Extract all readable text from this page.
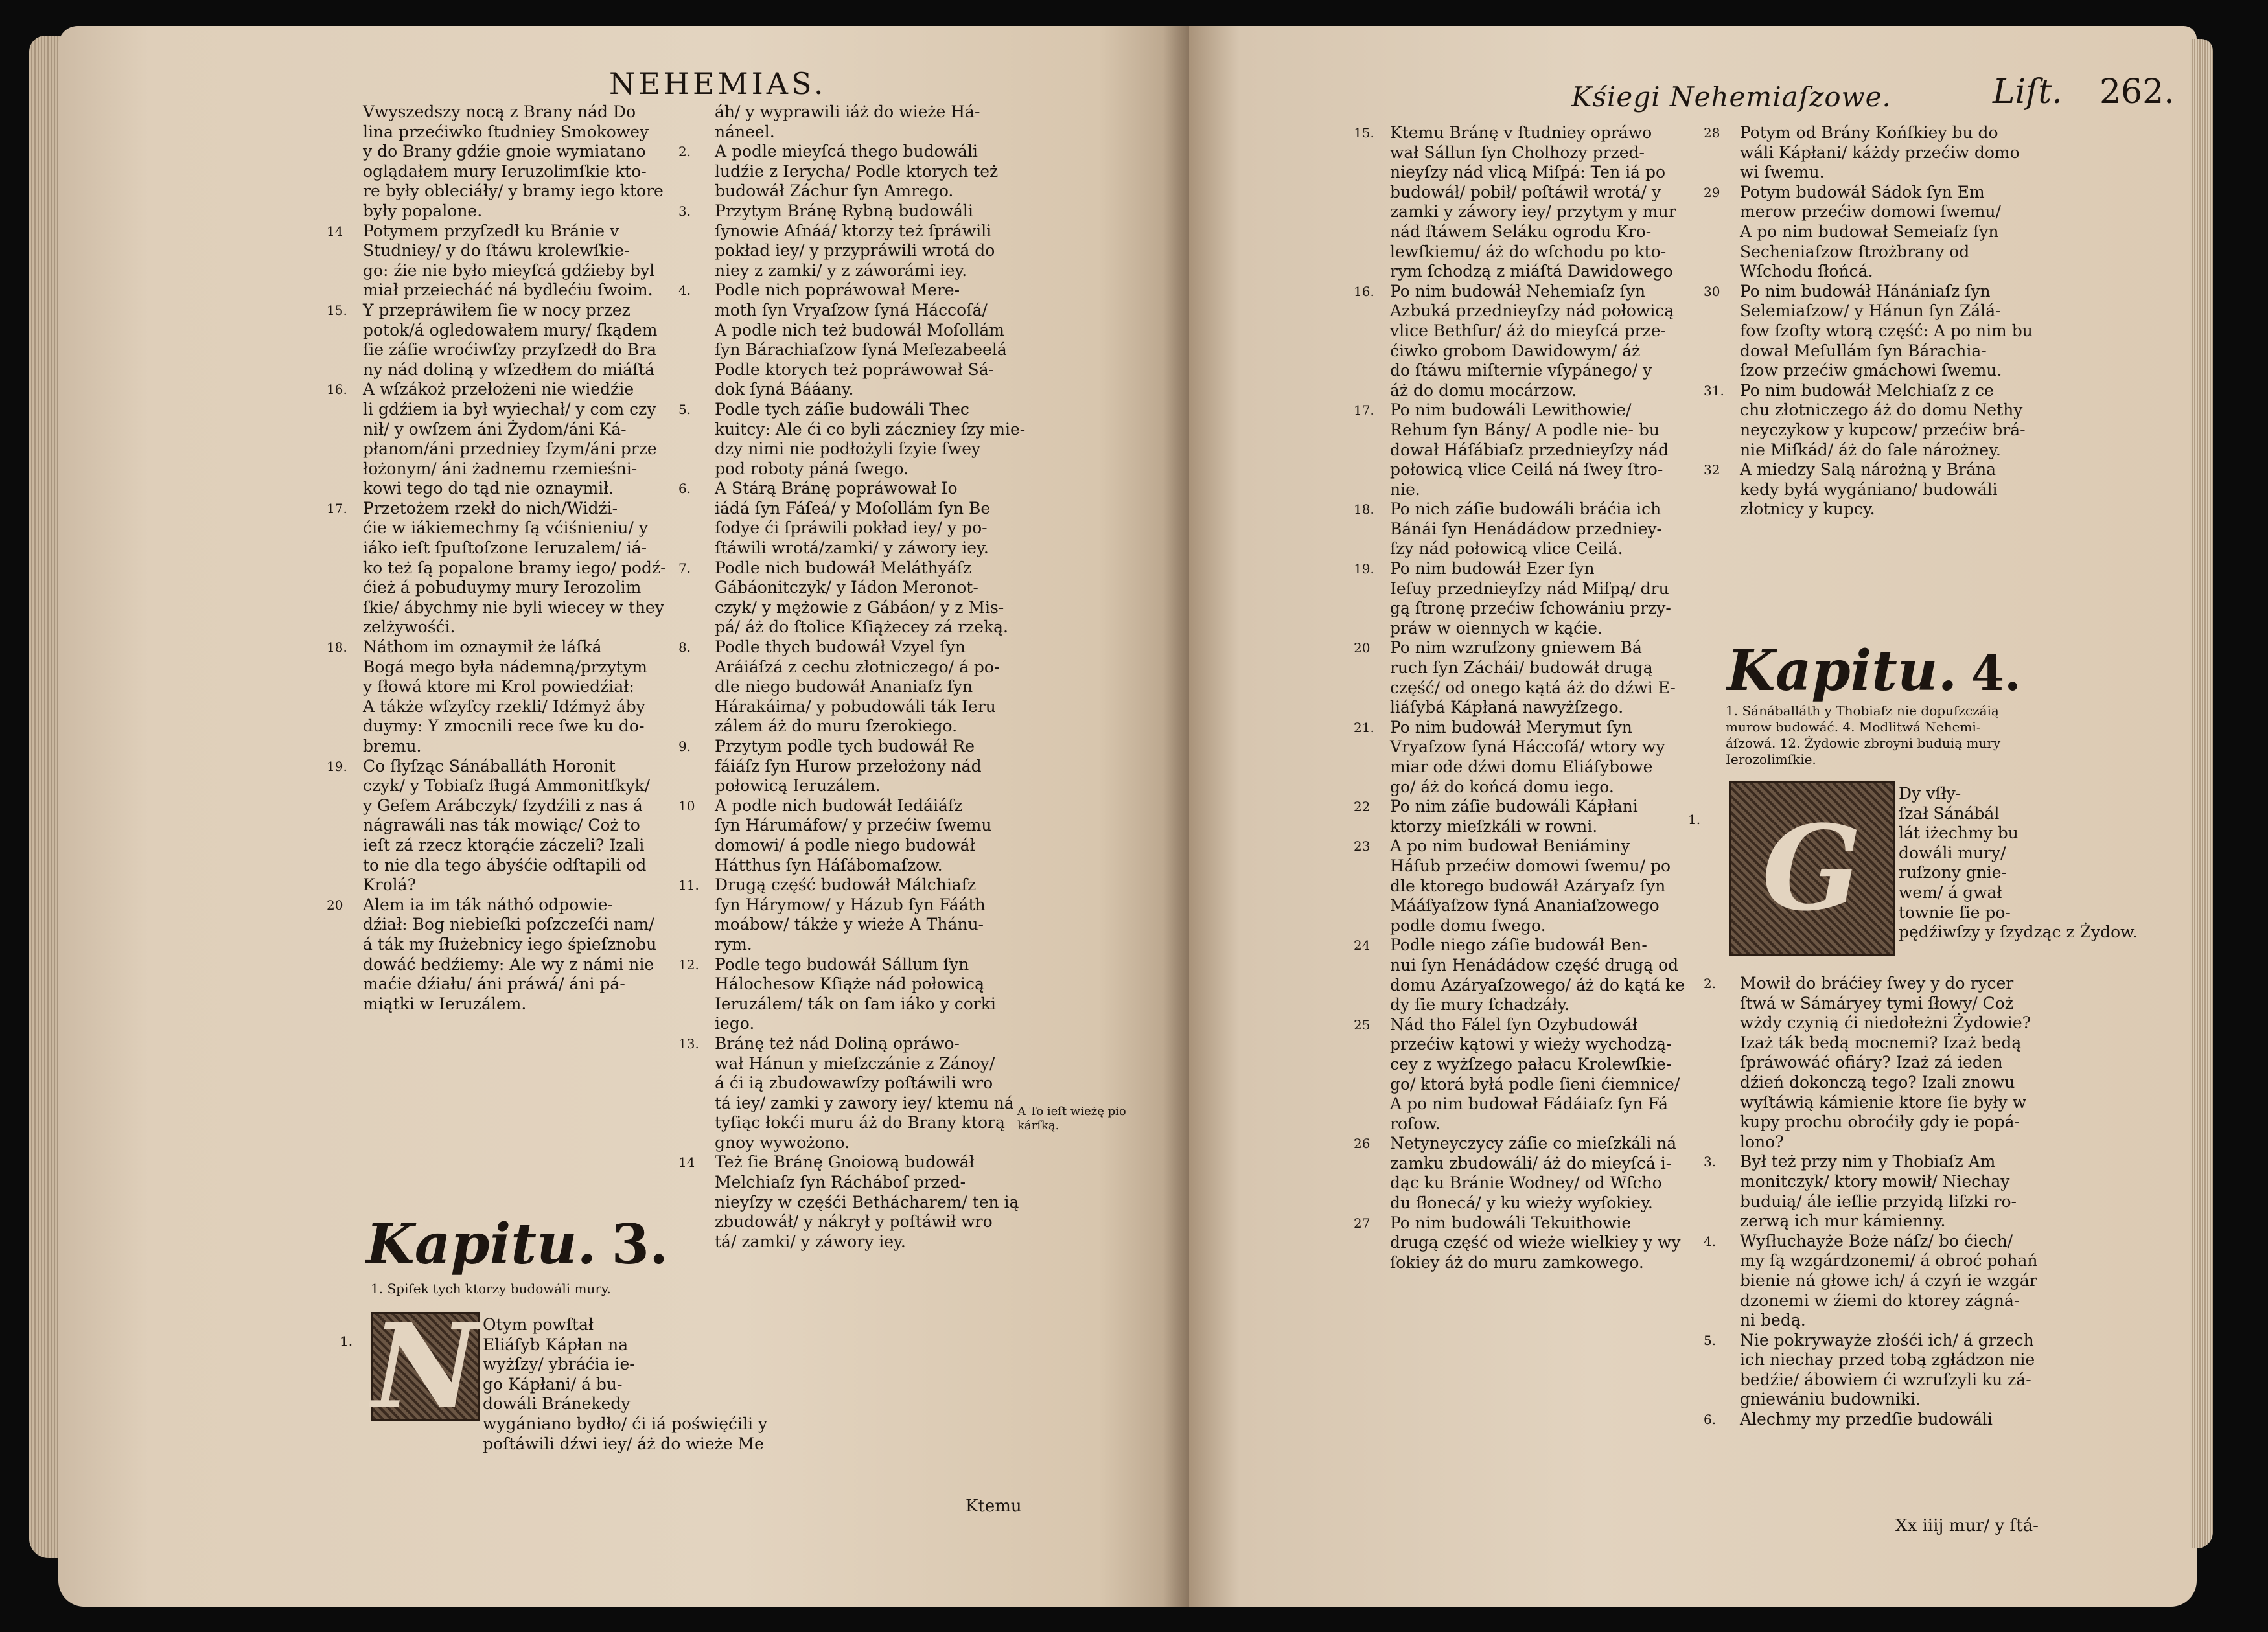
NEHEMIAS.
Vwyszedszy nocą z Brany nád Do
lina przećiwko ſtudniey Smokowey
y do Brany gdźie gnoie wymiatano
oglądałem mury Ieruzolimſkie kto-
re były obleciáły/ y bramy iego ktore
były popalone.
14 Potymem przyſzedł ku Bránie v
Studniey/ y do ſtáwu krolewſkie-
go: źie nie było mieyſcá gdźieby byl
miał przeiecháć ná bydlećiu ſwoim.
15. Y przepráwiłem ſie w nocy przez
potok/á ogledowałem mury/ ſkądem
ſie záſie wroćiwſzy przyſzedł do Bra
ny nád doliną y wſzedłem do miáſtá
16. A wſzákoż przełożeni nie wiedźie
li gdźiem ia był wyiechał/ y com czy
nił/ y owſzem áni Żydom/áni Ká-
płanom/áni przedniey ſzym/áni prze
łożonym/ áni żadnemu rzemieśni-
kowi tego do tąd nie oznaymił.
17. Przetożem rzekł do nich/Widźi-
ćie w iákiemechmy ſą vćiśnieniu/ y
iáko ieſt ſpuſtoſzone Ieruzalem/ iá-
ko też ſą popalone bramy iego/ podź-
ćież á pobuduymy mury Ierozolim
ſkie/ ábychmy nie byli wiecey w they
zelżywośći.
18. Náthom im oznaymił że láſká
Bogá mego była nádemną/przytym
y ſłowá ktore mi Krol powiedźiał:
A tákże wſzyſcy rzekli/ Idźmyż áby
duymy: Y zmocnili rece ſwe ku do-
bremu.
19. Co ſłyſząc Sánáballáth Horonit
czyk/ y Tobiaſz ſługá Ammonitſkyk/
y Geſem Arábczyk/ ſzydźili z nas á
nágrawáli nas ták mowiąc/ Coż to
ieſt zá rzecz ktorąćie záczeli? Izali
to nie dla tego ábyśćie odſtapili od
Krolá?
20 Alem ia im ták náthó odpowie-
dźiał: Bog niebieſki poſzczeſći nam/
á ták my ſłużebnicy iego śpieſznobu
dowáć bedźiemy: Ale wy z námi nie
maćie dźiału/ áni práwá/ áni pá-
miątki w Ieruzálem.
Kapitu. 3.
1. Spiſek tych ktorzy budowáli mury.
N
1.
Otym powſtał
Eliáſyb Kápłan na
wyżſzy/ ybráćia ie-
go Kápłani/ á bu-
dowáli Bránekedy
wygániano bydło/ ći iá poświęćili y
poſtáwili dźwi iey/ áż do wieże Me
áh/ y wyprawili iáż do wieże Há-
náneel.
2. A podle mieyſcá thego budowáli
ludźie z Ierycha/ Podle ktorych też
budowáł Záchur ſyn Amrego.
3. Przytym Bránę Rybną budowáli
ſynowie Aſnáá/ ktorzy też ſpráwili
pokład iey/ y przypráwili wrotá do
niey z zamki/ y z záworámi iey.
4. Podle nich popráwował Mere-
moth ſyn Vryaſzow ſyná Háccoſá/
A podle nich też budowáł Moſollám
ſyn Bárachiaſzow ſyná Meſezabeelá
Podle ktorych też popráwował Sá-
dok ſyná Bááany.
5. Podle tych záſie budowáli Thec
kuitcy: Ale ći co byli záczniey ſzy mie-
dzy nimi nie podłożyli ſzyie ſwey
pod roboty páná ſwego.
6. A Stárą Bránę popráwował Io
iádá ſyn Fáſeá/ y Moſollám ſyn Be
ſodye ći ſpráwili pokład iey/ y po-
ſtáwili wrotá/zamki/ y záwory iey.
7. Podle nich budowáł Meláthyáſz
Gábáonitczyk/ y Iádon Meronot-
czyk/ y mężowie z Gábáon/ y z Mis-
pá/ áż do ſtolice Kſiążecey zá rzeką.
8. Podle thych budowáł Vzyel ſyn
Aráiáſzá z cechu złotniczego/ á po-
dle niego budowáł Ananiaſz ſyn
Hárakáima/ y pobudowáli ták Ieru
zálem áż do muru ſzerokiego.
9. Przytym podle tych budowáł Re
fáiáſz ſyn Hurow przełożony nád
połowicą Ieruzálem.
10 A podle nich budowáł Iedáiáſz
ſyn Hárumáfow/ y przećiw ſwemu
domowi/ á podle niego budowáł
Hátthus ſyn Háſábomaſzow.
11. Drugą część budowáł Málchiaſz
ſyn Hárymow/ y Házub ſyn Fááth
moábow/ tákże y wieże A Thánu-
rym.
12. Podle tego budowáł Sállum ſyn
Hálochesow Kſiąże nád połowicą
Ieruzálem/ ták on ſam iáko y corki
iego.
13. Bránę też nád Doliną opráwo-
wał Hánun y mieſzczánie z Zánoy/
á ći ią zbudowawſzy poſtáwili wro
tá iey/ zamki y zawory iey/ ktemu ná
tyſiąc łokći muru áż do Brany ktorą
gnoy wywożono.
14 Też ſie Bránę Gnoiową budowáł
Melchiaſz ſyn Rácháboſ przed-
nieyſzy w częśći Bethácharem/ ten ią
zbudowáł/ y nákrył y poſtáwił wro
tá/ zamki/ y záwory iey.
A To ieſt wieżę pio
kárſką.
Ktemu
Kśiegi Nehemiaſzowe.	Liſt. 262.
15. Ktemu Bránę v ſtudniey opráwo
wał Sállun ſyn Cholhozy przed-
nieyſzy nád vlicą Miſpá: Ten iá po
budowáł/ pobił/ poſtáwił wrotá/ y
zamki y záwory iey/ przytym y mur
nád ſtáwem Seláku ogrodu Kro-
lewſkiemu/ áż do wſchodu po kto-
rym ſchodzą z miáſtá Dawidowego
16. Po nim budowáł Nehemiaſz ſyn
Azbuká przednieyſzy nád połowicą
vlice Bethſur/ áż do mieyſcá prze-
ćiwko grobom Dawidowym/ áż
do ſtáwu miſternie vſypánego/ y
áż do domu mocárzow.
17. Po nim budowáli Lewithowie/
Rehum ſyn Bány/ A podle nie- bu
dował Háſábiaſz przednieyſzy nád
połowicą vlice Ceilá ná ſwey ſtro-
nie.
18. Po nich záſie budowáli bráćia ich
Bánái ſyn Henádádow przedniey-
ſzy nád połowicą vlice Ceilá.
19. Po nim budowáł Ezer ſyn
Ieſuy przednieyſzy nád Miſpą/ dru
gą ſtronę przećiw ſchowániu przy-
práw w oiennych w kąćie.
20 Po nim wzruſzony gniewem Bá
ruch ſyn Záchái/ budowáł drugą
część/ od onego kątá áż do dźwi E-
liáſybá Kápłaná nawyżſzego.
21. Po nim budowáł Merymut ſyn
Vryaſzow ſyná Háccoſá/ wtory wy
miar ode dźwi domu Eliáſybowe
go/ áż do końcá domu iego.
22 Po nim záſie budowáli Kápłani
ktorzy mieſzkáli w rowni.
23 A po nim budował Beniáminy
Háſub przećiw domowi ſwemu/ po
dle ktorego budowáł Azáryaſz ſyn
Mááſyaſzow ſyná Ananiaſzowego
podle domu ſwego.
24 Podle niego záſie budowáł Ben-
nui ſyn Henádádow część drugą od
domu Azáryaſzowego/ áż do kątá ke
dy ſie mury ſchadzáły.
25 Nád tho Fálel ſyn Ozybudowáł
przećiw kątowi y wieży wychodzą-
cey z wyżſzego pałacu Krolewſkie-
go/ ktorá byłá podle ſieni ćiemnice/
A po nim budował Fádáiaſz ſyn Fá
roſow.
26 Netyneyczycy záſie co mieſzkáli ná
zamku zbudowáli/ áż do mieyſcá i-
dąc ku Bránie Wodney/ od Wſcho
du ſłonecá/ y ku wieży wyſokiey.
27 Po nim budowáli Tekuithowie
drugą część od wieże wielkiey y wy
ſokiey áż do muru zamkowego.
28 Potym od Brány Końſkiey bu do
wáli Kápłani/ káżdy przećiw domo
wi ſwemu.
29 Potym budowáł Sádok ſyn Em
merow przećiw domowi ſwemu/
A po nim budował Semeiaſz ſyn
Secheniaſzow ſtrożbrany od
Wſchodu ſłońcá.
30 Po nim budowáł Hánániaſz ſyn
Selemiaſzow/ y Hánun ſyn Zálá-
fow ſzoſty wtorą część: A po nim bu
dował Meſullám ſyn Bárachia-
ſzow przećiw gmáchowi ſwemu.
31. Po nim budowáł Melchiaſz z ce
chu złotniczego áż do domu Nethy
neyczykow y kupcow/ przećiw brá-
nie Miſkád/ áż do ſale nárożney.
32 A miedzy Salą nárożną y Brána
kedy byłá wygániano/ budowáli
złotnicy y kupcy.
Kapitu. 4.
1. Sánáballáth y Thobiaſz nie dopuſzczáią
murow budowáć. 4. Modlitwá Nehemi-
áſzowá. 12. Żydowie zbroyni buduią mury
Ierozolimſkie.
G
1.
Dy vſły-
ſzał Sánábál
lát iżechmy bu
dowáli mury/
ruſzony gnie-
wem/ á gwał
townie ſie po-
pędźiwſzy y ſzydząc z Żydow.
2. Mowił do bráćiey ſwey y do rycer
ſtwá w Sámáryey tymi ſłowy/ Coż
wżdy czynią ći niedołeżni Żydowie?
Izaż ták bedą mocnemi? Izaż bedą
ſpráwowáć ofiáry? Izaż zá ieden
dźień dokonczą tego? Izali znowu
wyſtáwią kámienie ktore ſie były w
kupy prochu obroćiły gdy ie popá-
lono?
3. Był też przy nim y Thobiaſz Am
monitczyk/ ktory mowił/ Niechay
buduią/ ále ieſlie przyidą liſzki ro-
zerwą ich mur kámienny.
4. Wyſłuchayże Boże náſz/ bo ćiech/
my ſą wzgárdzonemi/ á obroć pohań
bienie ná głowe ich/ á czyń ie wzgár
dzonemi w źiemi do ktorey zágná-
ni bedą.
5. Nie pokrywayże złośći ich/ á grzech
ich niechay przed tobą zgłádzon nie
bedźie/ ábowiem ći wzruſzyli ku zá-
gniewániu budowniki.
6. Alechmy my przedſie budowáli
Xx iiij mur/ y ſtá-
